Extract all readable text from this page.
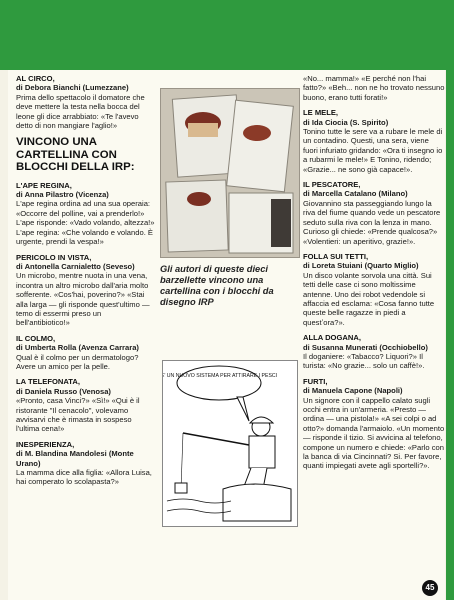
AL CIRCO,
di Debora Bianchi (Lumezzane)
Prima dello spettacolo il domatore che deve mettere la testa nella bocca del leone gli dice arrabbiato: «Te l'avevo detto di non mangiare l'aglio!»
VINCONO UNA CARTELLINA CON BLOCCHI DELLA IRP:
L'APE REGINA,
di Anna Pilastro (Vicenza)
L'ape regina ordina ad una sua operaia: «Occorre del polline, vai a prenderlo!» L'ape risponde: «Vado volando, altezza!» L'ape regina: «Che volando e volando. È urgente, prendi la vespa!»
PERICOLO IN VISTA,
di Antonella Carnialetto (Seveso)
Un microbo, mentre nuota in una vena, incontra un altro microbo dall'aria molto sofferente. «Cos'hai, poverino?» «Stai alla larga — gli risponde quest'ultimo — temo di essermi preso un bell'antibiotico!»
IL COLMO,
di Umberta Rolla (Avenza Carrara)
Qual è il colmo per un dermatologo? Avere un amico per la pelle.
LA TELEFONATA,
di Daniela Russo (Venosa)
«Pronto, casa Vinci?» «Sì!» «Qui è il ristorante "Il cenacolo", volevamo avvisarvi che è rimasta in sospeso l'ultima cena!»
INESPERIENZA,
di M. Blandina Mandolesi (Monte Urano)
La mamma dice alla figlia: «Allora Luisa, hai comperato lo scolapasta?»
Gli autori di queste dieci barzellette vincono una cartellina con i blocchi da disegno IRP
E' UN NUOVO SISTEMA PER ATTIRARE I PESCI
«No... mamma!» «E perché non l'hai fatto?» «Beh... non ne ho trovato nessuno buono, erano tutti forati!»
LE MELE,
di Ida Ciocia (S. Spirito)
Tonino tutte le sere va a rubare le mele di un contadino. Questi, una sera, viene fuori infuriato gridando: «Ora ti insegno io a rubarmi le mele!» E Tonino, ridendo; «Grazie... ne sono già capace!».
IL PESCATORE,
di Marcella Catalano (Milano)
Giovannino sta passeggiando lungo la riva del fiume quando vede un pescatore seduto sulla riva con la lenza in mano. Curioso gli chiede: «Prende qualcosa?» «Volentieri: un aperitivo, grazie!».
FOLLA SUI TETTI,
di Loreta Stuiani (Quarto Miglio)
Un disco volante sorvola una città. Sui tetti delle case ci sono moltissime antenne. Uno dei robot vedendole si affaccia ed esclama: «Cosa fanno tutte queste belle ragazze in piedi a questʼora?».
ALLA DOGANA,
di Susanna Munerati (Occhiobello)
Il doganiere: «Tabacco? Liquori?» Il turista: «No grazie... solo un caffè!».
FURTI,
di Manuela Capone (Napoli)
Un signore con il cappello calato sugli occhi entra in un'armeria. «Presto — ordina — una pistola!» «A sei colpi o ad otto?» domanda l'armaiolo. «Un momento — risponde il tizio. Si avvicina al telefono, compone un numero e chiede: «Parlo con la banca di via Cincinnati? Si. Per favore, quanti impiegati avete agli sportelli?».
45
